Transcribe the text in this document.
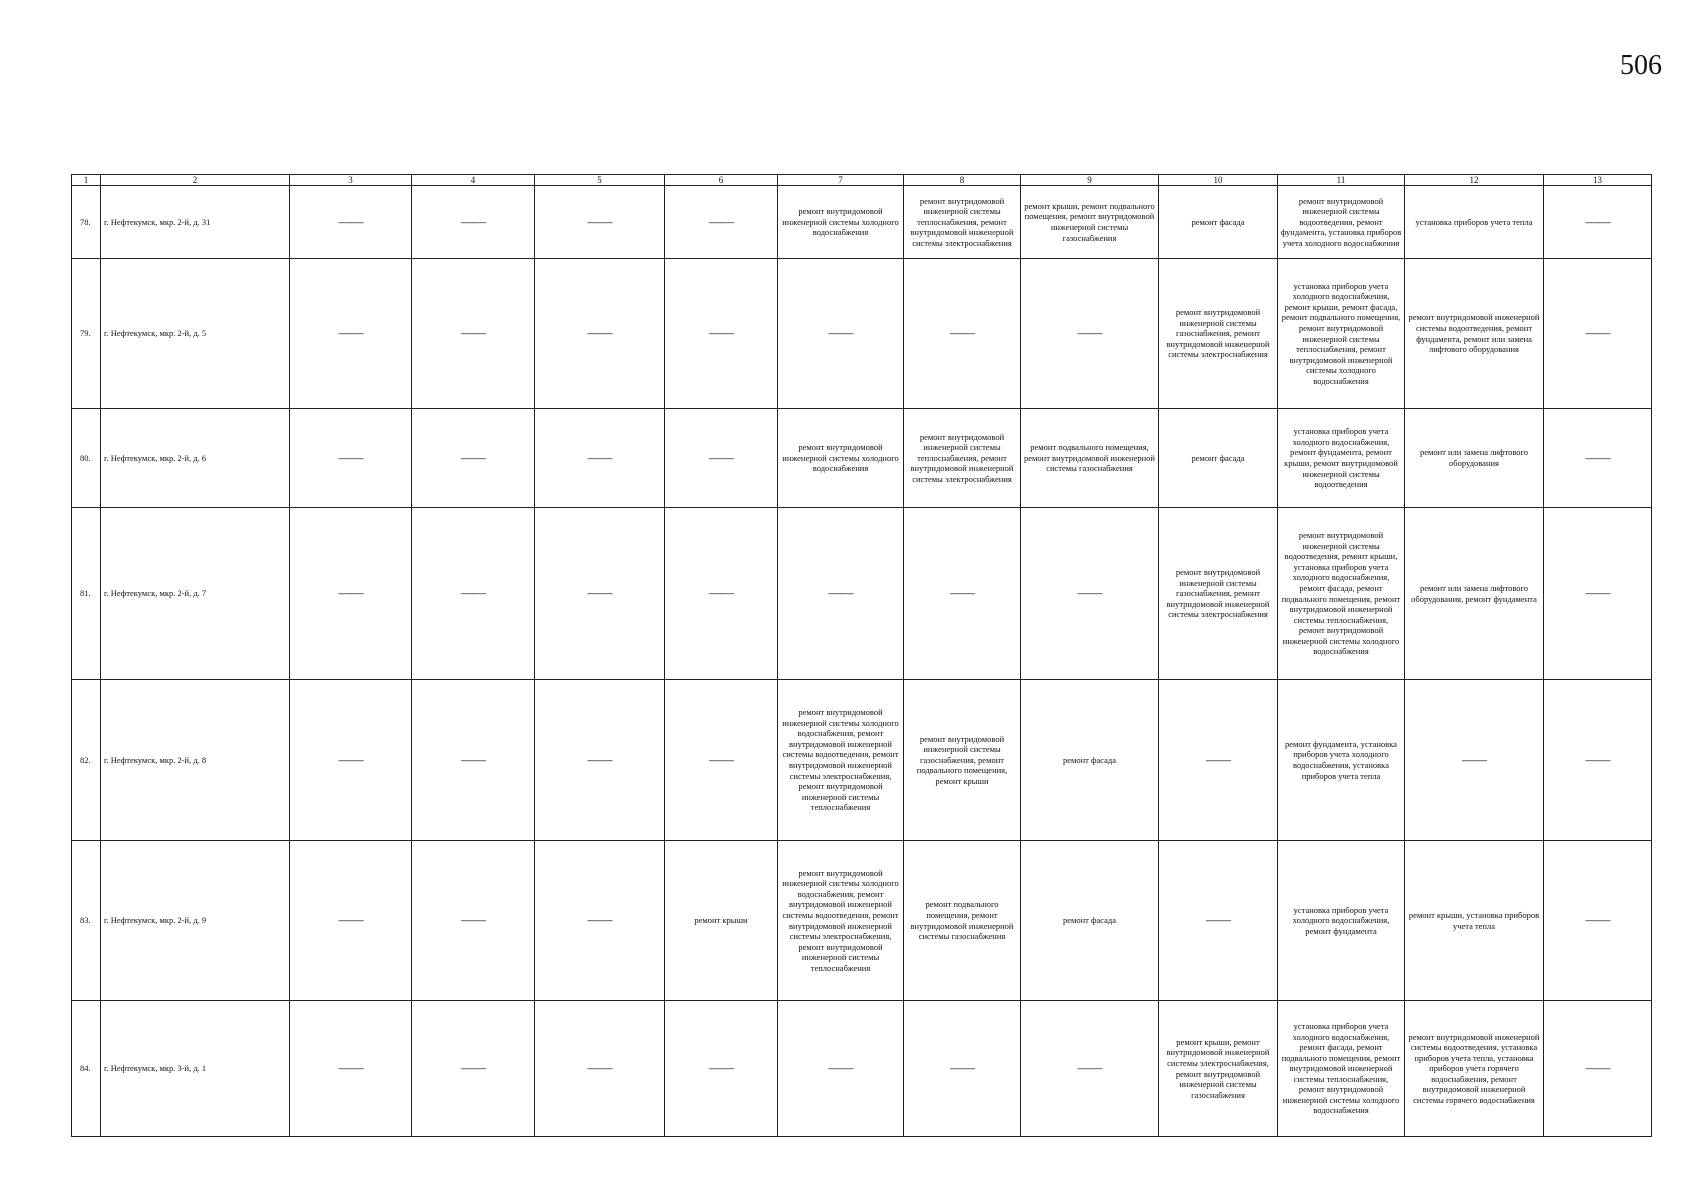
506
1	2	3	4	5	6	7	8	9	10	11	12	13
78.	г. Нефтекумск, мкр. 2-й, д. 31	——	——	——	——	ремонт внутридомовой инженерной системы холодного водоснабжения	ремонт внутридомовой инженерной системы теплоснабжения, ремонт внутридомовой инженерной системы электроснабжения	ремонт крыши, ремонт подвального помещения, ремонт внутридомовой инженерной системы газоснабжения	ремонт фасада	ремонт внутридомовой инженерной системы водоотведения, ремонт фундамента, установка приборов учета холодного водоснабжения	установка приборов учета тепла	——
79.	г. Нефтекумск, мкр. 2-й, д. 5	——	——	——	——	——	——	——	ремонт внутридомовой инженерной системы газоснабжения, ремонт внутридомовой инженерной системы электроснабжения	установка приборов учета холодного водоснабжения, ремонт крыши, ремонт фасада, ремонт подвального помещения, ремонт внутридомовой инженерной системы теплоснабжения, ремонт внутридомовой инженерной системы холодного водоснабжения	ремонт внутридомовой инженерной системы водоотведения, ремонт фундамента, ремонт или замена лифтового оборудования	——
80.	г. Нефтекумск, мкр. 2-й, д. 6	——	——	——	——	ремонт внутридомовой инженерной системы холодного водоснабжения	ремонт внутридомовой инженерной системы теплоснабжения, ремонт внутридомовой инженерной системы электроснабжения	ремонт подвального помещения, ремонт внутридомовой инженерной системы газоснабжения	ремонт фасада	установка приборов учета холодного водоснабжения, ремонт фундамента, ремонт крыши, ремонт внутридомовой инженерной системы водоотведения	ремонт или замена лифтового оборудования	——
81.	г. Нефтекумск, мкр. 2-й, д. 7	——	——	——	——	——	——	——	ремонт внутридомовой инженерной системы газоснабжения, ремонт внутридомовой инженерной системы электроснабжения	ремонт внутридомовой инженерной системы водоотведения, ремонт крыши, установка приборов учета холодного водоснабжения, ремонт фасада, ремонт подвального помещения, ремонт внутридомовой инженерной системы теплоснабжения, ремонт внутридомовой инженерной системы холодного водоснабжения	ремонт или замена лифтового оборудования, ремонт фундамента	——
82.	г. Нефтекумск, мкр. 2-й, д. 8	——	——	——	——	ремонт внутридомовой инженерной системы холодного водоснабжения, ремонт внутридомовой инженерной системы водоотведения, ремонт внутридомовой инженерной системы электроснабжения, ремонт внутридомовой инженерной системы теплоснабжения	ремонт внутридомовой инженерной системы газоснабжения, ремонт подвального помещения, ремонт крыши	ремонт фасада	——	ремонт фундамента, установка приборов учета холодного водоснабжения, установка приборов учета тепла	——	——
83.	г. Нефтекумск, мкр. 2-й, д. 9	——	——	——	ремонт крыши	ремонт внутридомовой инженерной системы холодного водоснабжения, ремонт внутридомовой инженерной системы водоотведения, ремонт внутридомовой инженерной системы электроснабжения, ремонт внутридомовой инженерной системы теплоснабжения	ремонт подвального помещения, ремонт внутридомовой инженерной системы газоснабжения	ремонт фасада	——	установка приборов учета холодного водоснабжения, ремонт фундамента	ремонт крыши, установка приборов учета тепла	——
84.	г. Нефтекумск, мкр. 3-й, д. 1	——	——	——	——	——	——	——	ремонт крыши, ремонт внутридомовой инженерной системы электроснабжения, ремонт внутридомовой инженерной системы газоснабжения	установка приборов учета холодного водоснабжения, ремонт фасада, ремонт подвального помещения, ремонт внутридомовой инженерной системы теплоснабжения, ремонт внутридомовой инженерной системы холодного водоснабжения	ремонт внутридомовой инженерной системы водоотведения, установка приборов учета тепла, установка приборов учета горячего водоснабжения, ремонт внутридомовой инженерной системы горячего водоснабжения	——
